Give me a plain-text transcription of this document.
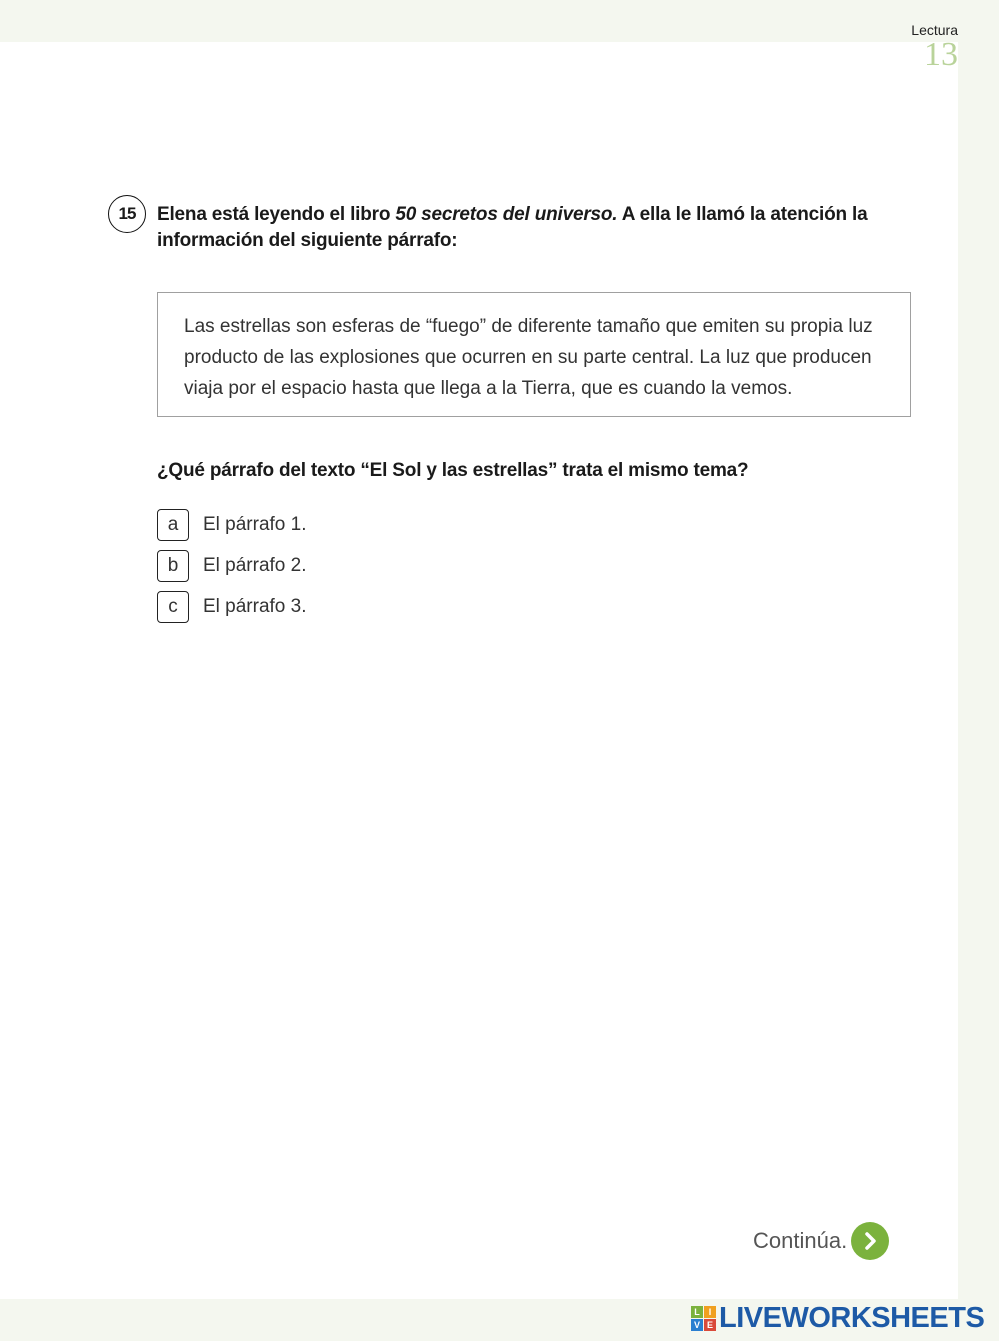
Lectura
13
15	Elena está leyendo el libro 50 secretos del universo. A ella le llamó la atención la información del siguiente párrafo:
Las estrellas son esferas de “fuego” de diferente tamaño que emiten su propia luz producto de las explosiones que ocurren en su parte central. La luz que producen viaja por el espacio hasta que llega a la Tierra, que es cuando la vemos.
¿Qué párrafo del texto “El Sol y las estrellas” trata el mismo tema?
a	El párrafo 1.
b	El párrafo 2.
c	El párrafo 3.
Continúa.
L I
V E LIVEWORKSHEETS
